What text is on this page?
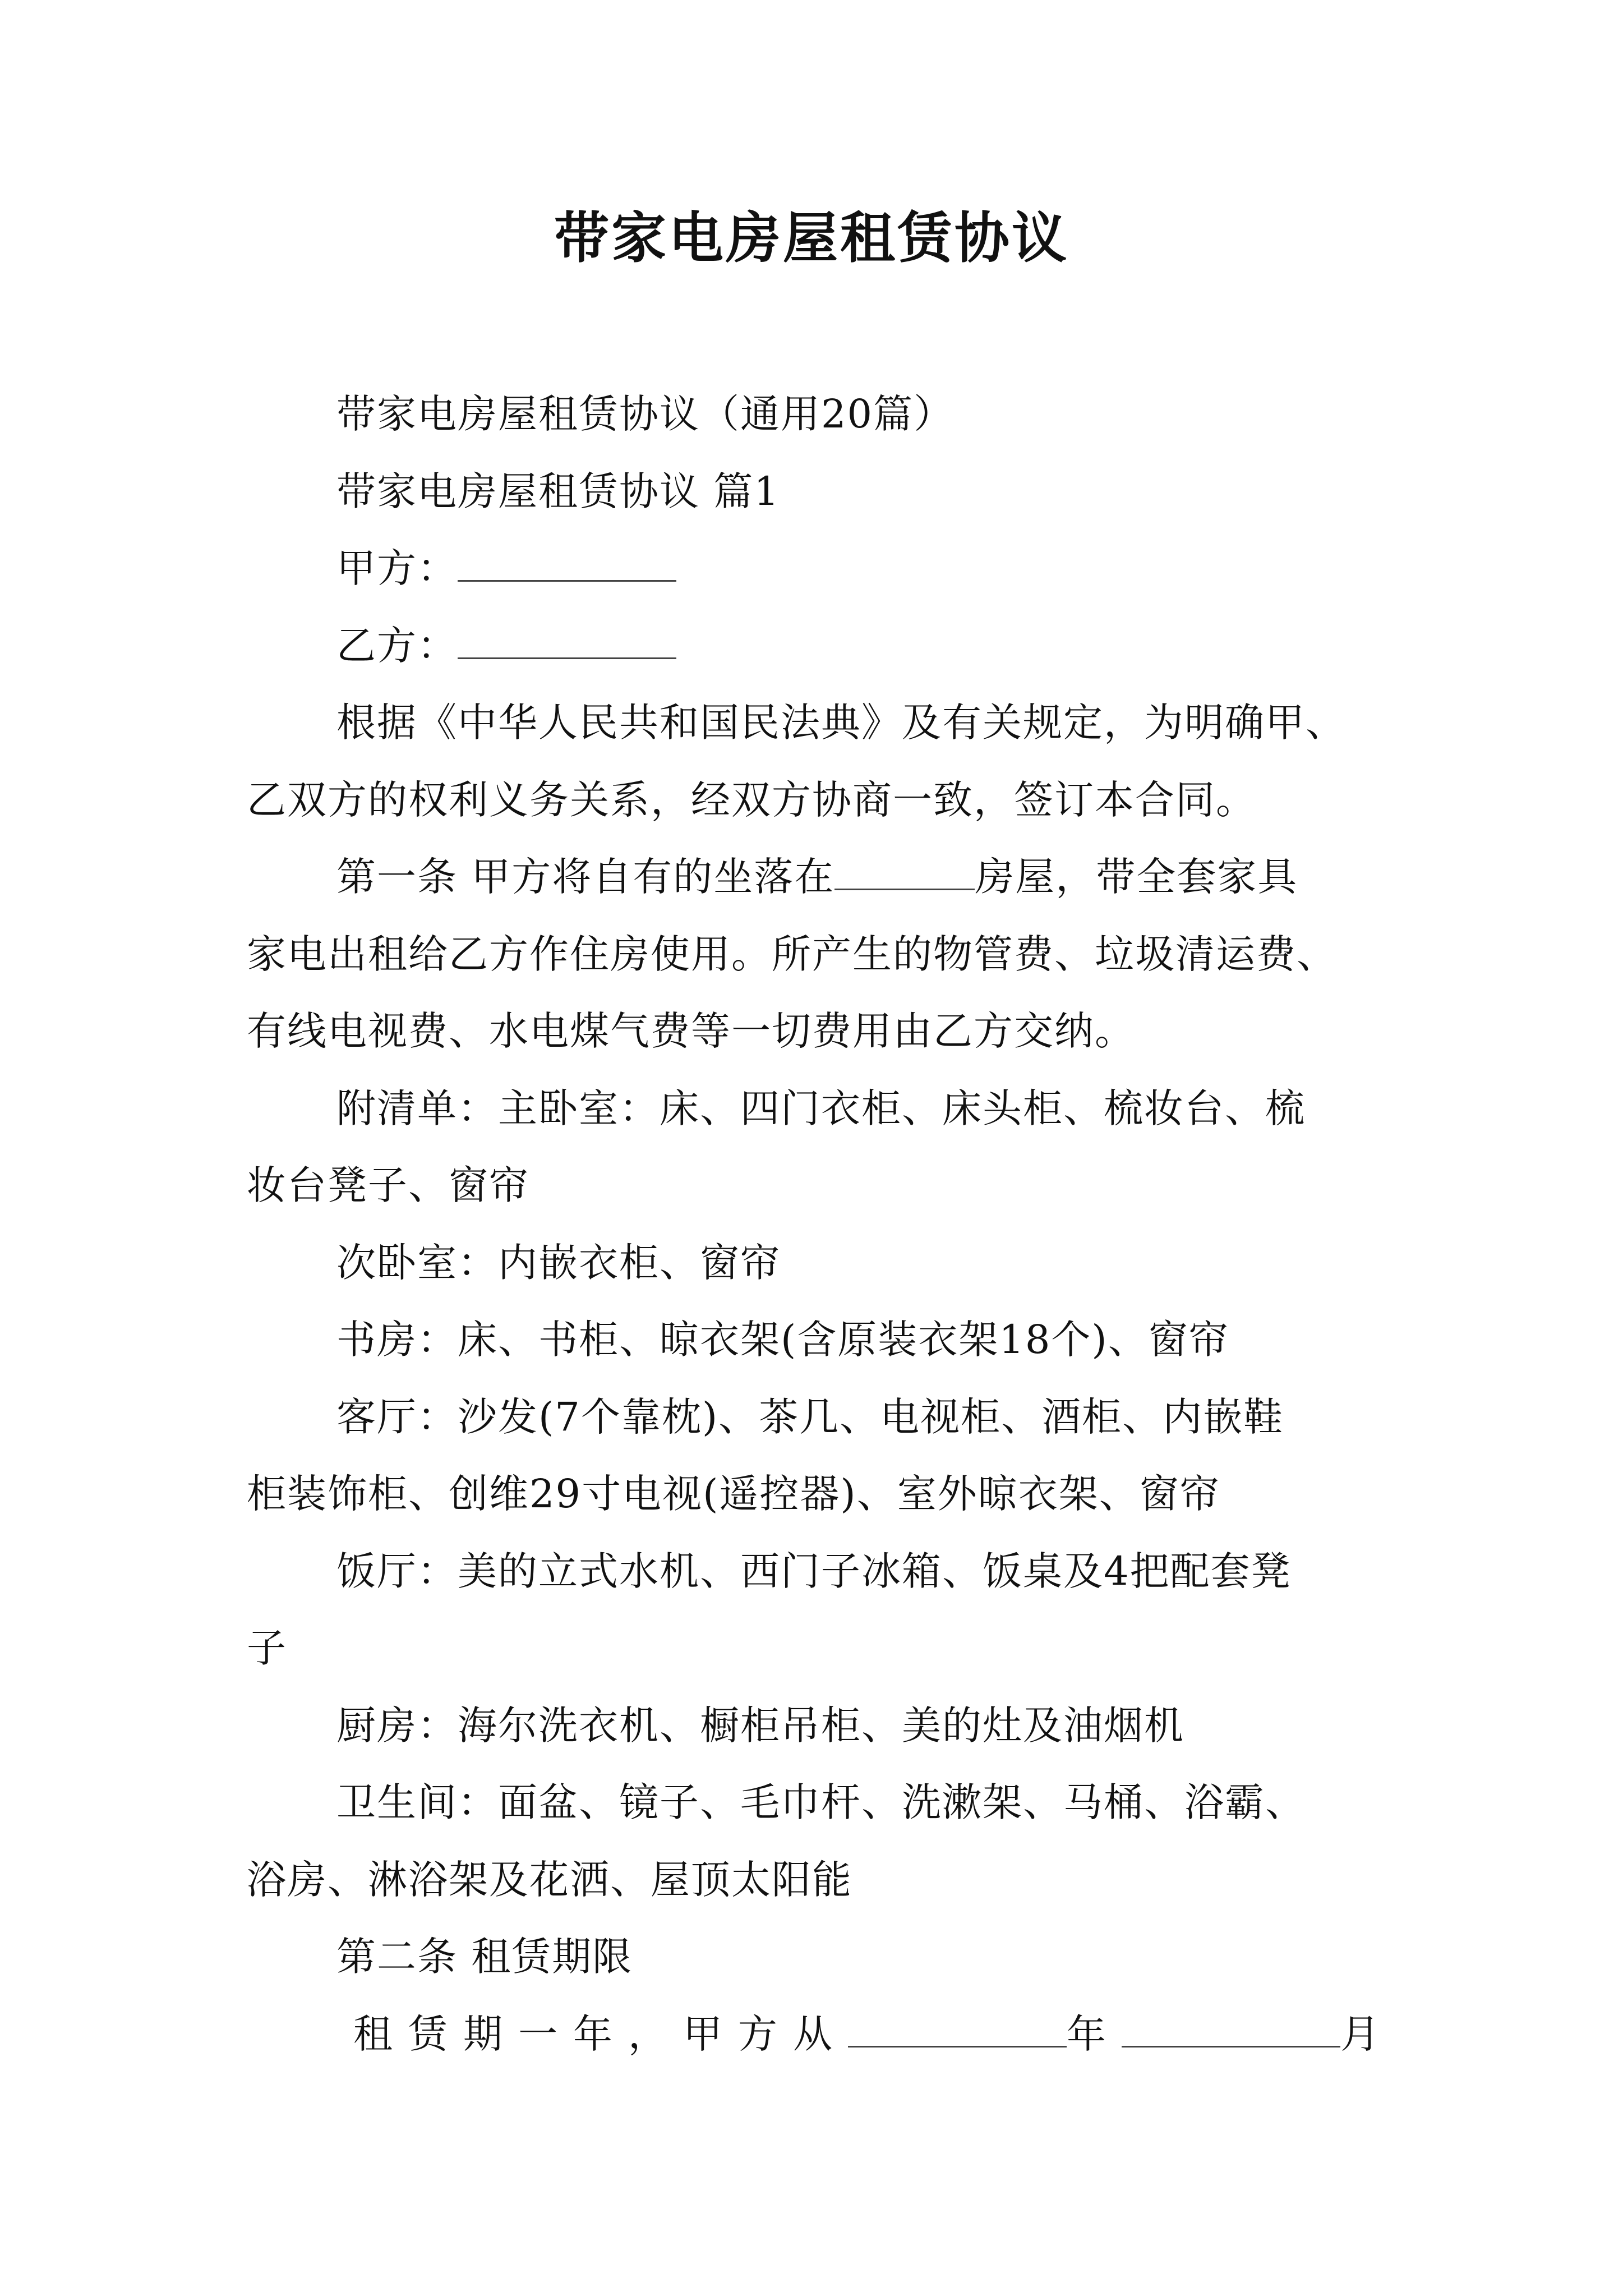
带家电房屋租赁协议
带家电房屋租赁协议（通用20篇）
带家电房屋租赁协议 篇1
甲方：
乙方：
根据《中华人民共和国民法典》及有关规定，为明确甲、
乙双方的权利义务关系，经双方协商一致，签订本合同。
第一条 甲方将自有的坐落在	房屋，带全套家具
家电出租给乙方作住房使用。所产生的物管费、垃圾清运费、
有线电视费、水电煤气费等一切费用由乙方交纳。
附清单：主卧室：床、四门衣柜、床头柜、梳妆台、梳
妆台凳子、窗帘
次卧室：内嵌衣柜、窗帘
书房：床、书柜、晾衣架(含原装衣架18个)、窗帘
客厅：沙发(7个靠枕)、茶几、电视柜、酒柜、内嵌鞋
柜装饰柜、创维29寸电视(遥控器)、室外晾衣架、窗帘
饭厅：美的立式水机、西门子冰箱、饭桌及4把配套凳
子
厨房：海尔洗衣机、橱柜吊柜、美的灶及油烟机
卫生间：面盆、镜子、毛巾杆、洗漱架、马桶、浴霸、
浴房、淋浴架及花洒、屋顶太阳能
第二条 租赁期限
租赁期一年，甲方从	年	月
